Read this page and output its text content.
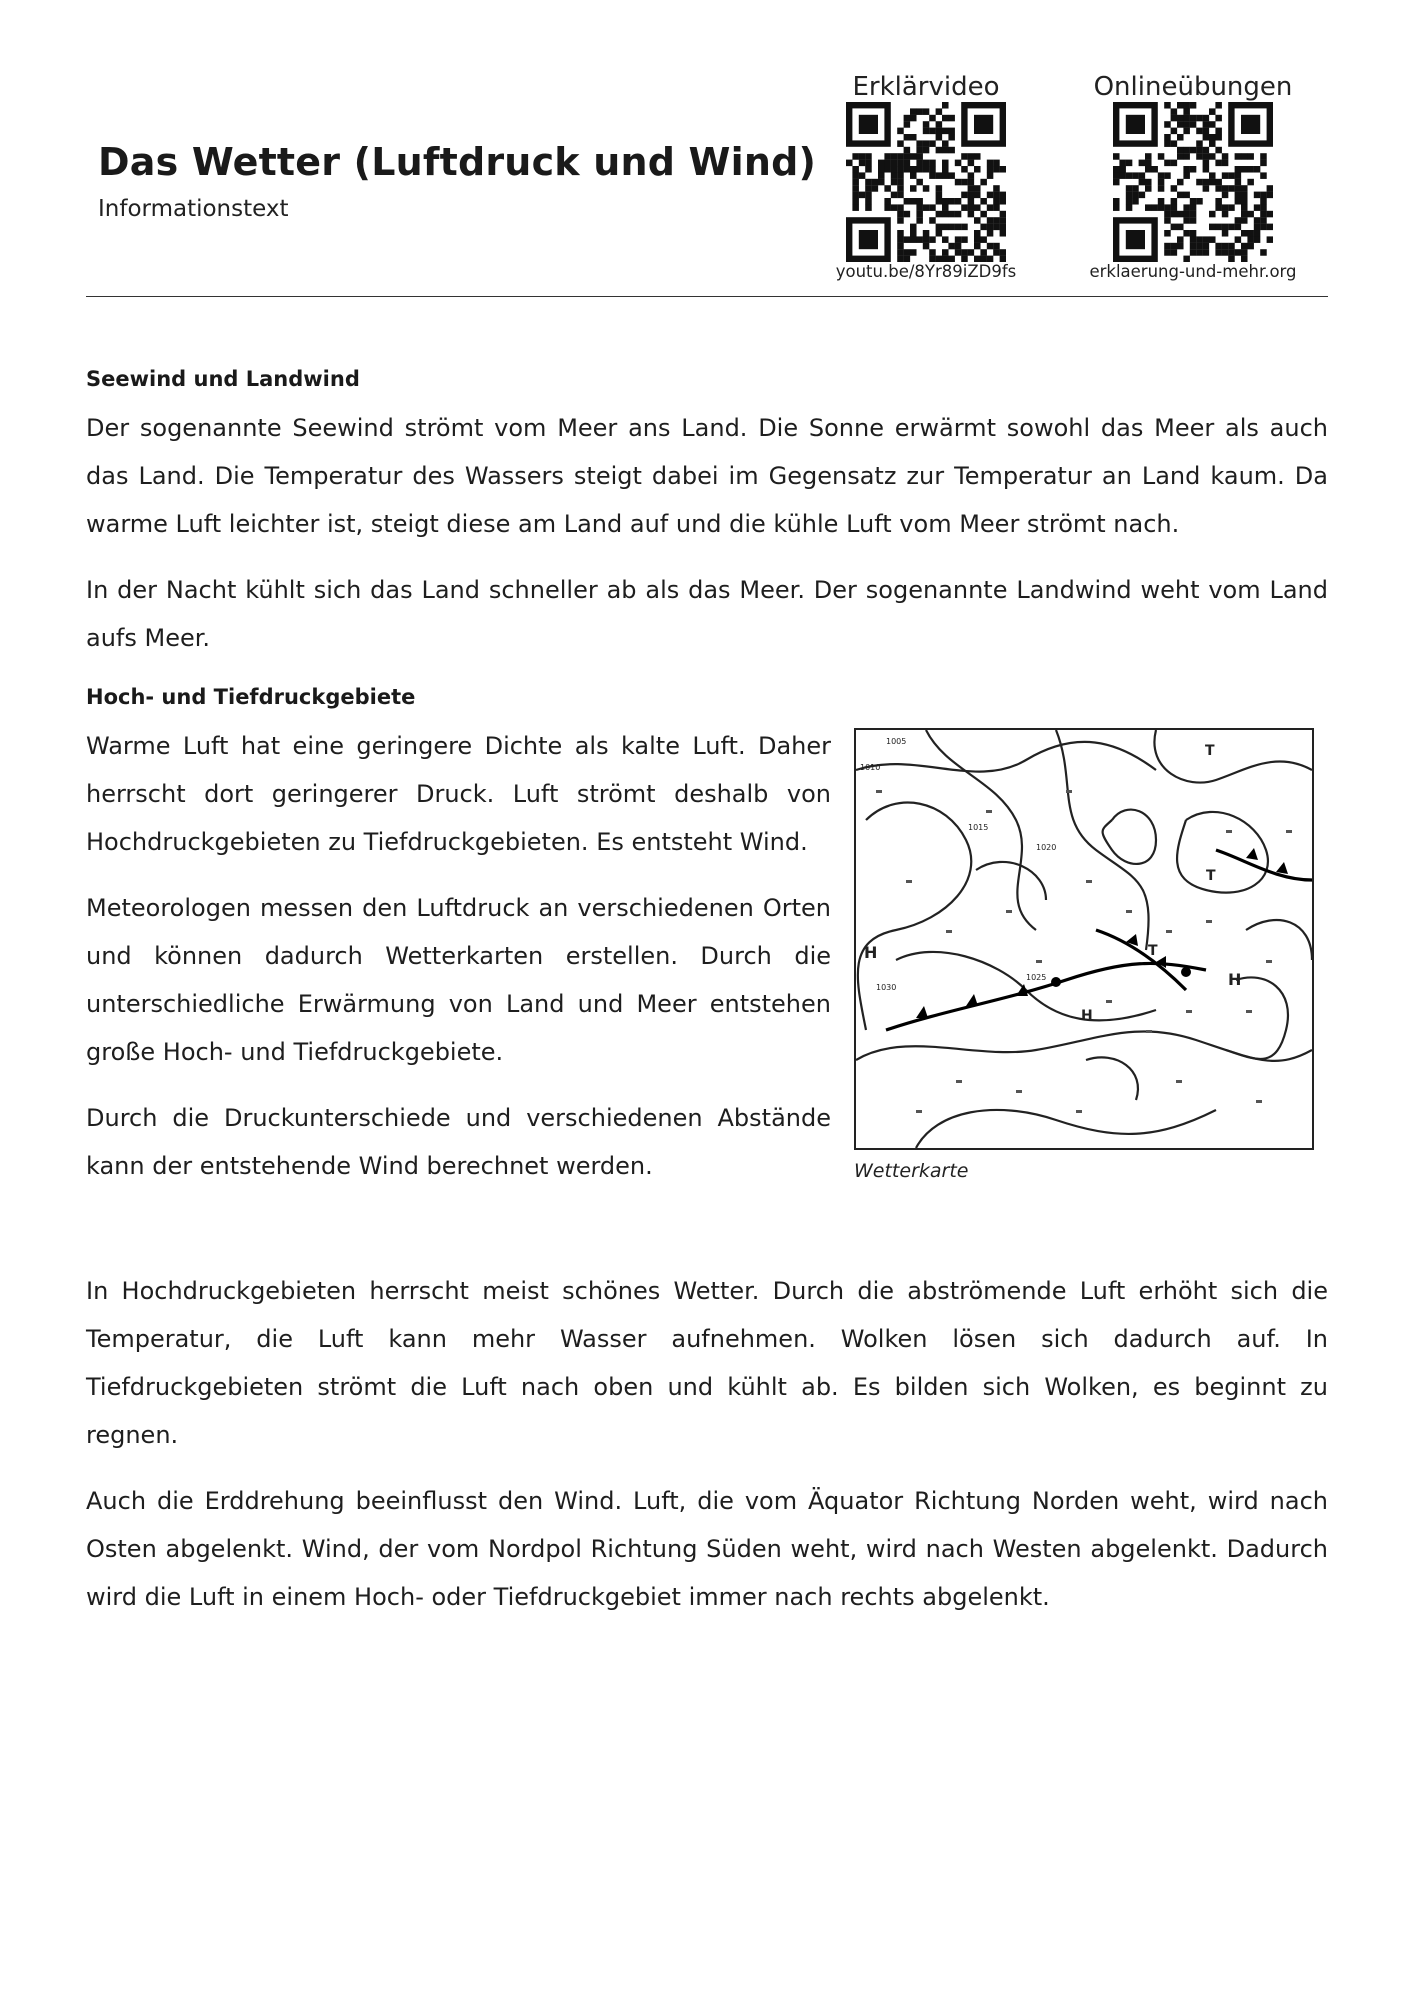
Das Wetter (Luftdruck und Wind)

Informationstext

Erklärvideo
youtu.be/8Yr89iZD9fs
Onlineübungen
erklaerung-und-mehr.org
Seewind und Landwind

Der sogenannte Seewind strömt vom Meer ans Land. Die Sonne erwärmt sowohl das Meer als auch das Land. Die Temperatur des Wassers steigt dabei im Gegensatz zur Temperatur an Land kaum. Da warme Luft leichter ist, steigt diese am Land auf und die kühle Luft vom Meer strömt nach.

In der Nacht kühlt sich das Land schneller ab als das Meer. Der sogenannte Landwind weht vom Land aufs Meer.

Hoch- und Tiefdruckgebiete

Warme Luft hat eine geringere Dichte als kalte Luft. Daher herrscht dort geringerer Druck. Luft strömt deshalb von Hochdruckgebieten zu Tiefdruckgebieten. Es entsteht Wind.

Meteorologen messen den Luftdruck an verschiedenen Orten und können dadurch Wetterkarten erstellen. Durch die unterschiedliche Erwärmung von Land und Meer entstehen große Hoch- und Tiefdruckgebiete.

Durch die Druckunterschiede und verschiedenen Abstände kann der entstehende Wind berechnet werden.

1005
1010
1015
1020
1025
1030
H
H
H
T
T
T
Wetterkarte

In Hochdruckgebieten herrscht meist schönes Wetter. Durch die abströmende Luft erhöht sich die Temperatur, die Luft kann mehr Wasser aufnehmen. Wolken lösen sich dadurch auf. In Tiefdruckgebieten strömt die Luft nach oben und kühlt ab. Es bilden sich Wolken, es beginnt zu regnen.

Auch die Erddrehung beeinflusst den Wind. Luft, die vom Äquator Richtung Norden weht, wird nach Osten abgelenkt. Wind, der vom Nordpol Richtung Süden weht, wird nach Westen abgelenkt. Dadurch wird die Luft in einem Hoch- oder Tiefdruckgebiet immer nach rechts abgelenkt.
